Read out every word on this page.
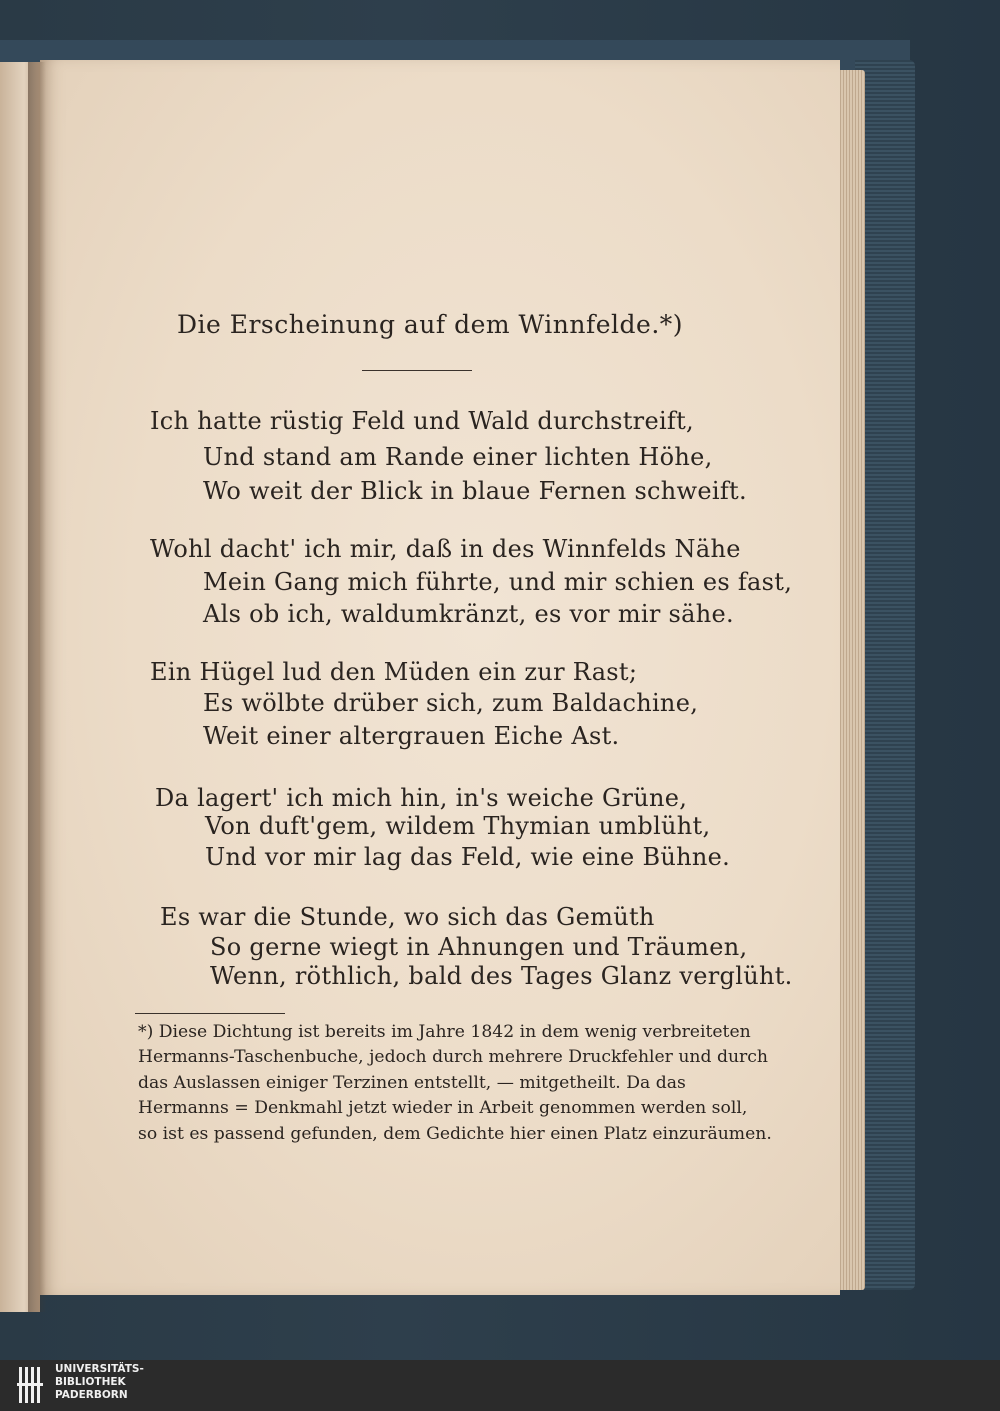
Die Erscheinung auf dem Winnfelde.*)
Ich hatte rüstig Feld und Wald durchstreift,
Und stand am Rande einer lichten Höhe,
Wo weit der Blick in blaue Fernen schweift.
Wohl dacht' ich mir, daß in des Winnfelds Nähe
Mein Gang mich führte, und mir schien es fast,
Als ob ich, waldumkränzt, es vor mir sähe.
Ein Hügel lud den Müden ein zur Rast;
Es wölbte drüber sich, zum Baldachine,
Weit einer altergrauen Eiche Ast.
Da lagert' ich mich hin, in's weiche Grüne,
Von duft'gem, wildem Thymian umblüht,
Und vor mir lag das Feld, wie eine Bühne.
Es war die Stunde, wo sich das Gemüth
So gerne wiegt in Ahnungen und Träumen,
Wenn, röthlich, bald des Tages Glanz verglüht.
*) Diese Dichtung ist bereits im Jahre 1842 in dem wenig verbreiteten
Hermanns-Taschenbuche, jedoch durch mehrere Druckfehler und durch
das Auslassen einiger Terzinen entstellt, — mitgetheilt. Da das
Hermanns = Denkmahl jetzt wieder in Arbeit genommen werden soll,
so ist es passend gefunden, dem Gedichte hier einen Platz einzuräumen.
UNIVERSITÄTS-
BIBLIOTHEK
PADERBORN
